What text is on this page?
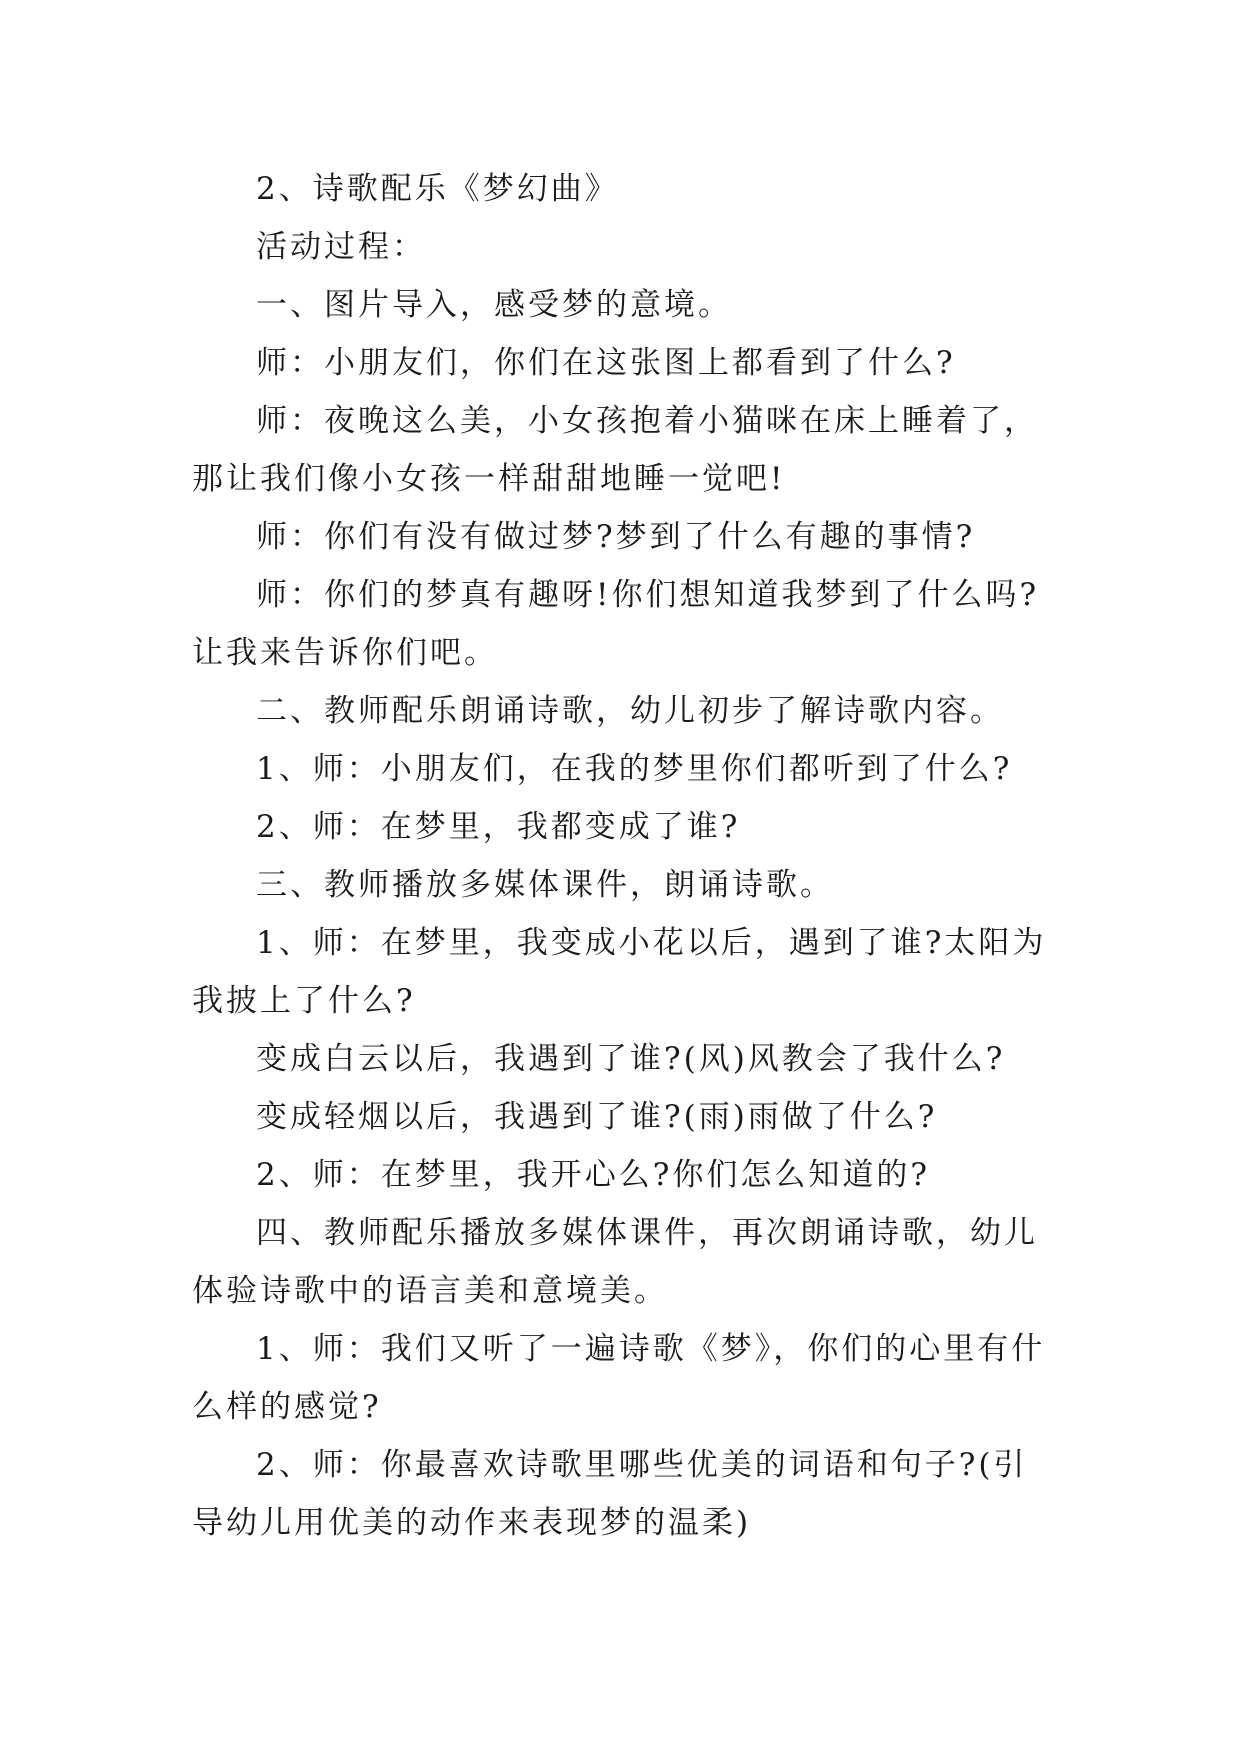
2、诗歌配乐《梦幻曲》

活动过程：

一、图片导入，感受梦的意境。

师：小朋友们，你们在这张图上都看到了什么?

师：夜晚这么美，小女孩抱着小猫咪在床上睡着了，那让我们像小女孩一样甜甜地睡一觉吧!

师：你们有没有做过梦?梦到了什么有趣的事情?

师：你们的梦真有趣呀!你们想知道我梦到了什么吗?让我来告诉你们吧。

二、教师配乐朗诵诗歌，幼儿初步了解诗歌内容。

1、师：小朋友们，在我的梦里你们都听到了什么?

2、师：在梦里，我都变成了谁?

三、教师播放多媒体课件，朗诵诗歌。

1、师：在梦里，我变成小花以后，遇到了谁?太阳为我披上了什么?

变成白云以后，我遇到了谁?(风)风教会了我什么?

变成轻烟以后，我遇到了谁?(雨)雨做了什么?

2、师：在梦里，我开心么?你们怎么知道的?

四、教师配乐播放多媒体课件，再次朗诵诗歌，幼儿体验诗歌中的语言美和意境美。

1、师：我们又听了一遍诗歌《梦》，你们的心里有什么样的感觉?

2、师：你最喜欢诗歌里哪些优美的词语和句子?(引导幼儿用优美的动作来表现梦的温柔)
